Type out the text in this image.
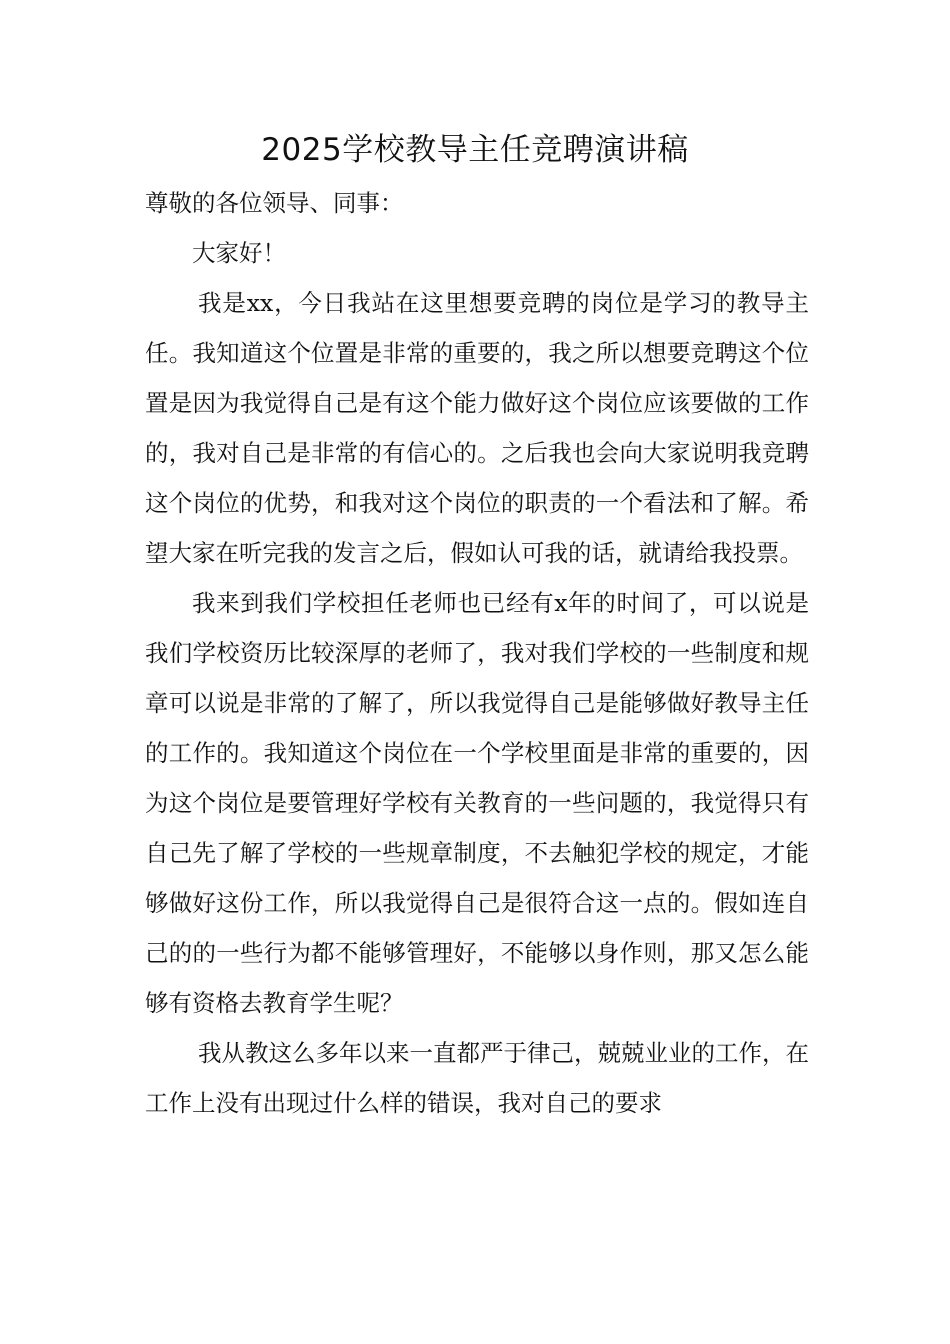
2025学校教导主任竞聘演讲稿

尊敬的各位领导、同事：

大家好！

我是xx，今日我站在这里想要竞聘的岗位是学习的教导主任。我知道这个位置是非常的重要的，我之所以想要竞聘这个位置是因为我觉得自己是有这个能力做好这个岗位应该要做的工作的，我对自己是非常的有信心的。之后我也会向大家说明我竞聘这个岗位的优势，和我对这个岗位的职责的一个看法和了解。希望大家在听完我的发言之后，假如认可我的话，就请给我投票。

我来到我们学校担任老师也已经有x年的时间了，可以说是我们学校资历比较深厚的老师了，我对我们学校的一些制度和规章可以说是非常的了解了，所以我觉得自己是能够做好教导主任的工作的。我知道这个岗位在一个学校里面是非常的重要的，因为这个岗位是要管理好学校有关教育的一些问题的，我觉得只有自己先了解了学校的一些规章制度，不去触犯学校的规定，才能够做好这份工作，所以我觉得自己是很符合这一点的。假如连自己的的一些行为都不能够管理好，不能够以身作则，那又怎么能够有资格去教育学生呢？

我从教这么多年以来一直都严于律己，兢兢业业的工作，在工作上没有出现过什么样的错误，我对自己的要求
